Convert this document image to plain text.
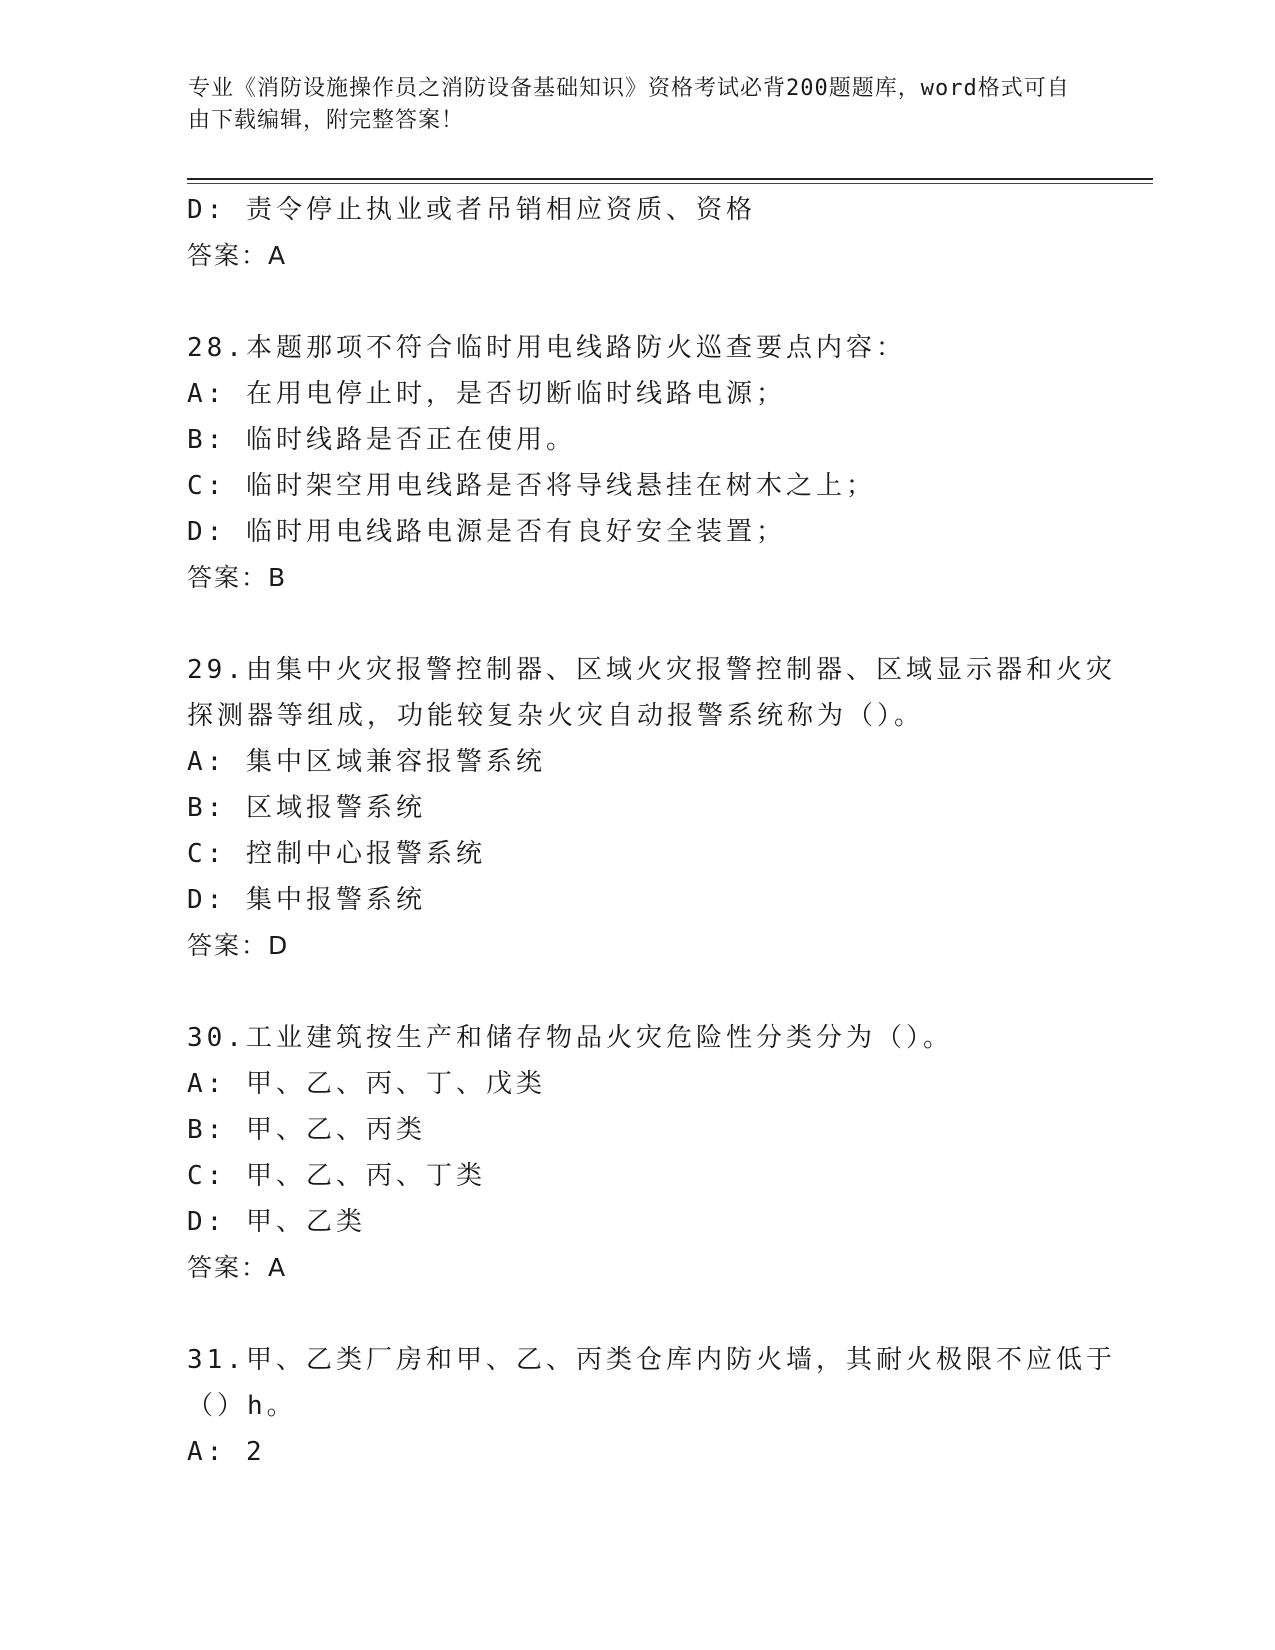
专业《消防设施操作员之消防设备基础知识》资格考试必背200题题库，word格式可自由下载编辑，附完整答案！
D: 责令停止执业或者吊销相应资质、资格
答案：A
28.本题那项不符合临时用电线路防火巡查要点内容：
A: 在用电停止时，是否切断临时线路电源；
B: 临时线路是否正在使用。
C: 临时架空用电线路是否将导线悬挂在树木之上；
D: 临时用电线路电源是否有良好安全装置；
答案：B
29.由集中火灾报警控制器、区域火灾报警控制器、区域显示器和火灾
探测器等组成，功能较复杂火灾自动报警系统称为（）。
A: 集中区域兼容报警系统
B: 区域报警系统
C: 控制中心报警系统
D: 集中报警系统
答案：D
30.工业建筑按生产和储存物品火灾危险性分类分为（）。
A: 甲、乙、丙、丁、戊类
B: 甲、乙、丙类
C: 甲、乙、丙、丁类
D: 甲、乙类
答案：A
31.甲、乙类厂房和甲、乙、丙类仓库内防火墙，其耐火极限不应低于
（）h。
A: 2
